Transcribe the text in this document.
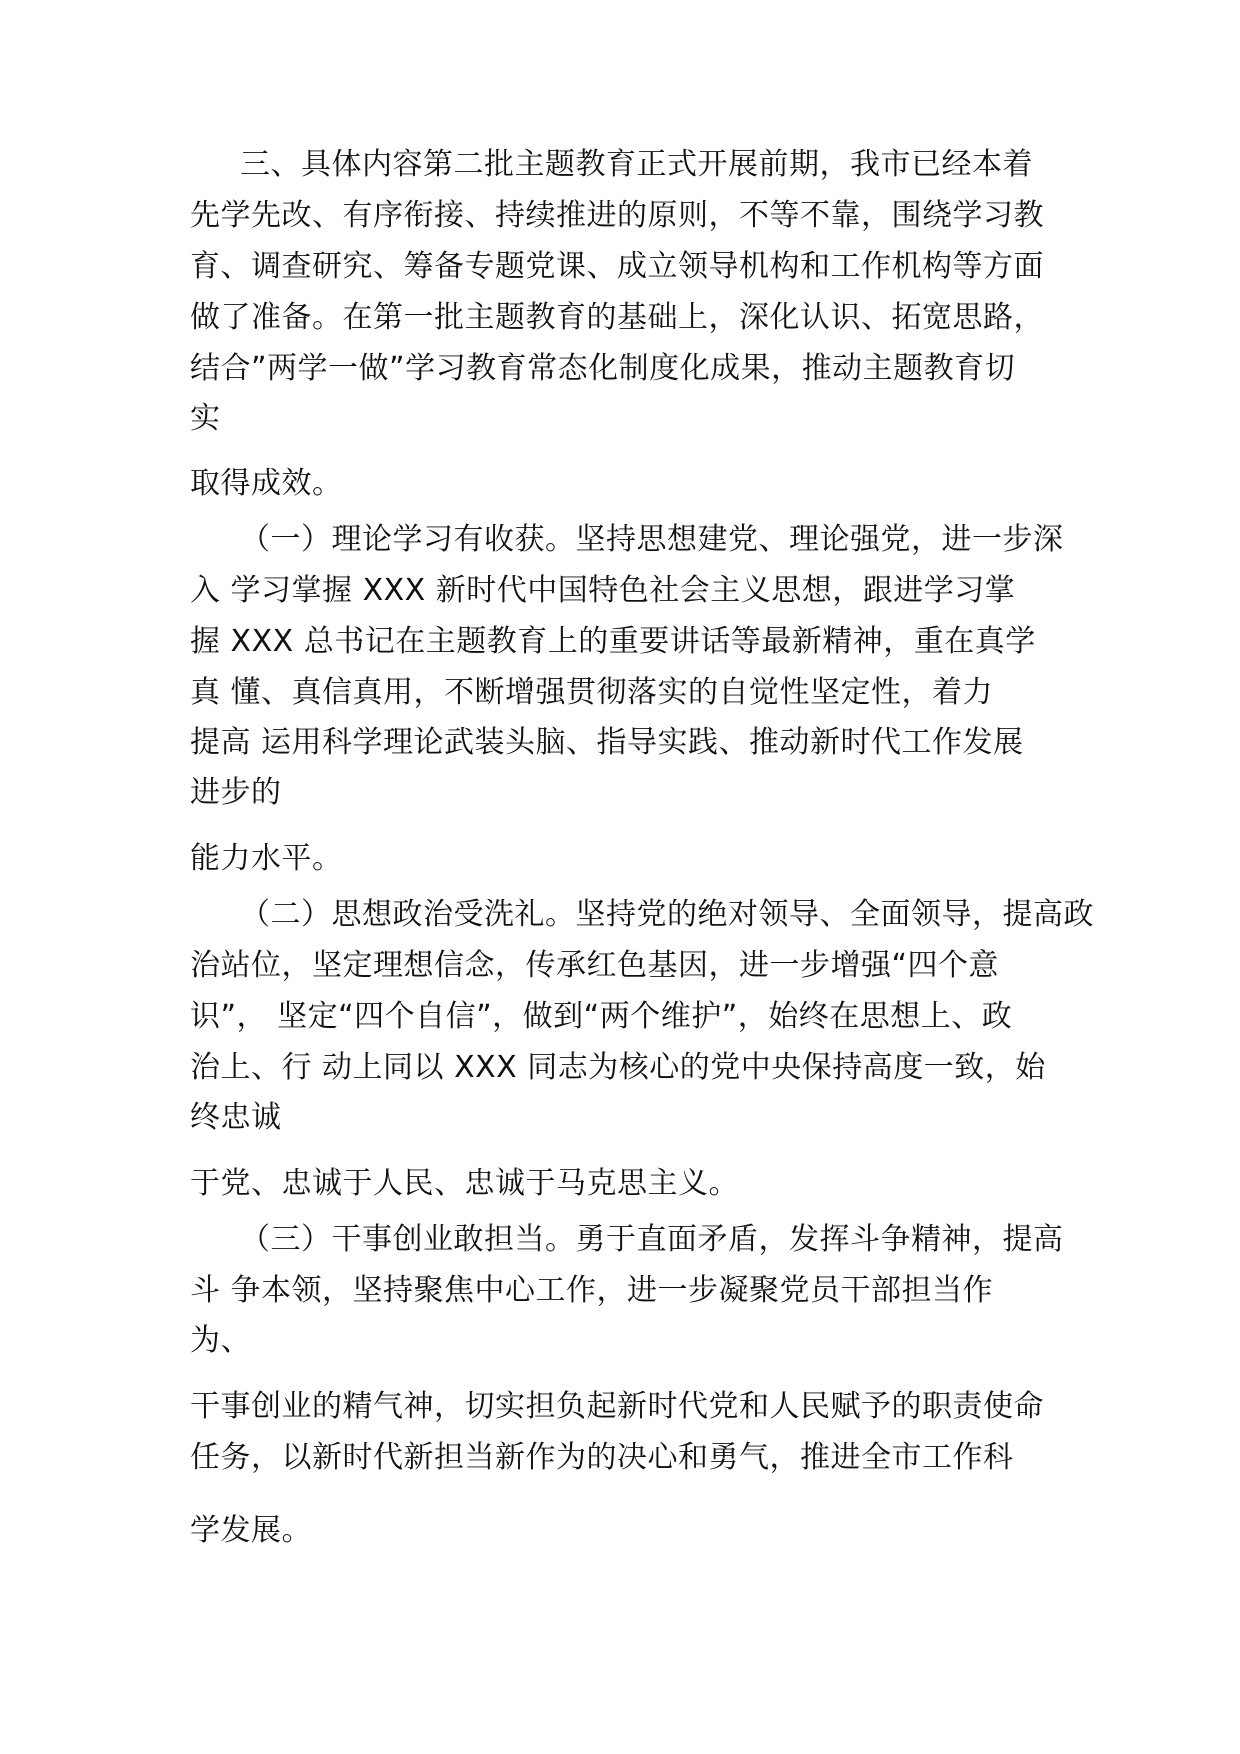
三、具体内容第二批主题教育正式开展前期，我市已经本着
先学先改、有序衔接、持续推进的原则，不等不靠，围绕学习教
育、调查研究、筹备专题党课、成立领导机构和工作机构等方面
做了准备。在第一批主题教育的基础上，深化认识、拓宽思路，
结合”两学一做”学习教育常态化制度化成果，推动主题教育切
实
取得成效。
（一）理论学习有收获。坚持思想建党、理论强党，进一步深
入 学习掌握 XXX 新时代中国特色社会主义思想，跟进学习掌
握 XXX 总书记在主题教育上的重要讲话等最新精神，重在真学
真 懂、真信真用，不断增强贯彻落实的自觉性坚定性，着力
提高 运用科学理论武装头脑、指导实践、推动新时代工作发展
进步的
能力水平。
（二）思想政治受洗礼。坚持党的绝对领导、全面领导，提高政
治站位，坚定理想信念，传承红色基因，进一步增强“四个意
识”， 坚定“四个自信”，做到“两个维护”，始终在思想上、政
治上、行 动上同以 XXX 同志为核心的党中央保持高度一致，始
终忠诚
于党、忠诚于人民、忠诚于马克思主义。
（三）干事创业敢担当。勇于直面矛盾，发挥斗争精神，提高
斗 争本领，坚持聚焦中心工作，进一步凝聚党员干部担当作
为、
干事创业的精气神，切实担负起新时代党和人民赋予的职责使命
任务，以新时代新担当新作为的决心和勇气，推进全市工作科
学发展。
